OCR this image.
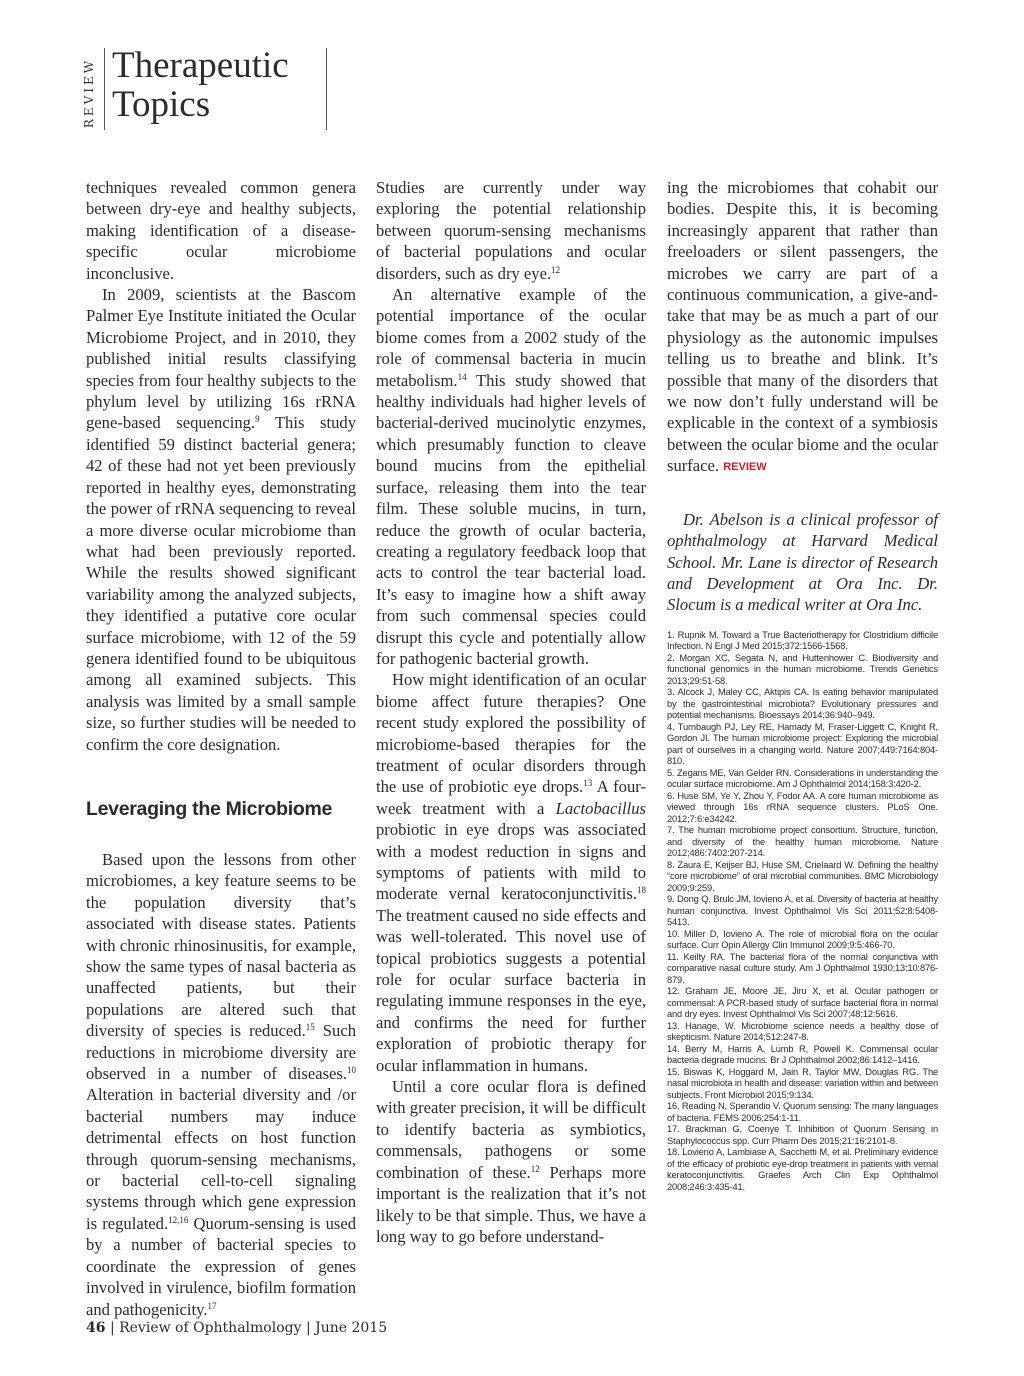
REVIEW Therapeutic
Topics

techniques revealed common genera between dry-eye and healthy subjects, making identification of a disease-specific ocular microbiome inconclusive.

In 2009, scientists at the Bascom Palmer Eye Institute initiated the Ocular Microbiome Project, and in 2010, they published initial results classifying species from four healthy subjects to the phylum level by utilizing 16s rRNA gene-based sequencing.$^9$ This study identified 59 distinct bacterial genera; 42 of these had not yet been previously reported in healthy eyes, demonstrating the power of rRNA sequencing to reveal a more diverse ocular microbiome than what had been previously reported. While the results showed significant variability among the analyzed subjects, they identified a putative core ocular surface microbiome, with 12 of the 59 genera identified found to be ubiquitous among all examined subjects. This analysis was limited by a small sample size, so further studies will be needed to confirm the core designation.

Leveraging the Microbiome

Based upon the lessons from other microbiomes, a key feature seems to be the population diversity that’s associated with disease states. Patients with chronic rhinosinusitis, for example, show the same types of nasal bacteria as unaffected patients, but their populations are altered such that diversity of species is reduced.$^{15}$ Such reductions in microbiome diversity are observed in a number of diseases.$^{10}$ Alteration in bacterial diversity and /or bacterial numbers may induce detrimental effects on host function through quorum-sensing mechanisms, or bacterial cell-to-cell signaling systems through which gene expression is regulated.$^{12,16}$ Quorum-sensing is used by a number of bacterial species to coordinate the expression of genes involved in virulence, biofilm formation and pathogenicity.$^{17}$

Studies are currently under way exploring the potential relationship between quorum-sensing mechanisms of bacterial populations and ocular disorders, such as dry eye.$^{12}$

An alternative example of the potential importance of the ocular biome comes from a 2002 study of the role of commensal bacteria in mucin metabolism.$^{14}$ This study showed that healthy individuals had higher levels of bacterial-derived mucinolytic enzymes, which presumably function to cleave bound mucins from the epithelial surface, releasing them into the tear film. These soluble mucins, in turn, reduce the growth of ocular bacteria, creating a regulatory feedback loop that acts to control the tear bacterial load. It’s easy to imagine how a shift away from such commensal species could disrupt this cycle and potentially allow for pathogenic bacterial growth.

How might identification of an ocular biome affect future therapies? One recent study explored the possibility of microbiome-based therapies for the treatment of ocular disorders through the use of probiotic eye drops.$^{13}$ A four-week treatment with a Lactobacillus probiotic in eye drops was associated with a modest reduction in signs and symptoms of patients with mild to moderate vernal keratoconjunctivitis.$^{18}$ The treatment caused no side effects and was well-tolerated. This novel use of topical probiotics suggests a potential role for ocular surface bacteria in regulating immune responses in the eye, and confirms the need for further exploration of probiotic therapy for ocular inflammation in humans.

Until a core ocular flora is defined with greater precision, it will be difficult to identify bacteria as symbiotics, commensals, pathogens or some combination of these.$^{12}$ Perhaps more important is the realization that it’s not likely to be that simple. Thus, we have a long way to go before understand-

ing the microbiomes that cohabit our bodies. Despite this, it is becoming increasingly apparent that rather than freeloaders or silent passengers, the microbes we carry are part of a continuous communication, a give-and-take that may be as much a part of our physiology as the autonomic impulses telling us to breathe and blink. It’s possible that many of the disorders that we now don’t fully understand will be explicable in the context of a symbiosis between the ocular biome and the ocular surface. REVIEW

Dr. Abelson is a clinical professor of ophthalmology at Harvard Medical School. Mr. Lane is director of Research and Development at Ora Inc. Dr. Slocum is a medical writer at Ora Inc.

1. Rupnik M. Toward a True Bacteriotherapy for Clostridium difficile Infection. N Engl J Med 2015;372:1566-1568.

2. Morgan XC, Segata N, and Huttenhower C. Biodiversity and functional genomics in the human microbiome. Trends Genetics 2013;29:51-58.

3. Alcock J, Maley CC, Aktipis CA. Is eating behavior manipulated by the gastrointestinal microbiota? Evolutionary pressures and potential mechanisms. Bioessays 2014;36:940–949.

4. Turnbaugh PJ, Ley RE, Hamady M, Fraser-Liggett C, Knight R, Gordon JI. The human microbiome project: Exploring the microbial part of ourselves in a changing world. Nature 2007;449:7164:804-810.

5. Zegans ME, Van Gelder RN. Considerations in understanding the ocular surface microbiome. Am J Ophthalmol 2014;158:3:420-2.

6. Huse SM, Ye Y, Zhou Y, Fodor AA. A core human microbiome as viewed through 16s rRNA sequence clusters. PLoS One. 2012;7:6:e34242.

7. The human microbiome project consortium. Structure, function, and diversity of the healthy human microbiome. Nature 2012;486:7402:207-214.

8. Zaura E, Keijser BJ, Huse SM, Crielaard W. Defining the healthy “core microbiome” of oral microbial communities. BMC Microbiology 2009;9:259.

9. Dong Q, Brulc JM, Iovieno A, et al. Diversity of bacteria at healthy human conjunctiva. Invest Ophthalmol Vis Sci 2011;52:8:5408-5413.

10. Miller D, Iovieno A. The role of microbial flora on the ocular surface. Curr Opin Allergy Clin Immunol 2009;9:5:466-70.

11. Keilty RA. The bacterial flora of the normal conjunctiva with comparative nasal culture study. Am J Ophthalmol 1930;13:10:876-879.

12. Graham JE, Moore JE, Jiru X, et al. Ocular pathogen or commensal: A PCR-based study of surface bacterial flora in normal and dry eyes. Invest Ophthalmol Vis Sci 2007;48:12:5616.

13. Hanage, W. Microbiome science needs a healthy dose of skepticism. Nature 2014;512:247-8.

14. Berry M, Harris A, Lumb R, Powell K. Commensal ocular bacteria degrade mucins. Br J Ophthalmol 2002;86:1412–1416.

15. Biswas K, Hoggard M, Jain R, Taylor MW, Douglas RG. The nasal microbiota in health and disease: variation within and between subjects. Front Microbiol 2015;9:134.

16. Reading N, Sperandio V. Quorum sensing: The many languages of bacteria. FEMS 2006;254:1-11.

17. Brackman G, Coenye T. Inhibition of Quorum Sensing in Staphylococcus spp. Curr Pharm Des 2015;21:16:2101-8.

18. Lovieno A, Lambiase A, Sacchetti M, et al. Preliminary evidence of the efficacy of probiotic eye-drop treatment in patients with vernal keratoconjunctivitis. Graefes Arch Clin Exp Ophthalmol 2008;246:3:435-41.

46 | Review of Ophthalmology | June 2015
